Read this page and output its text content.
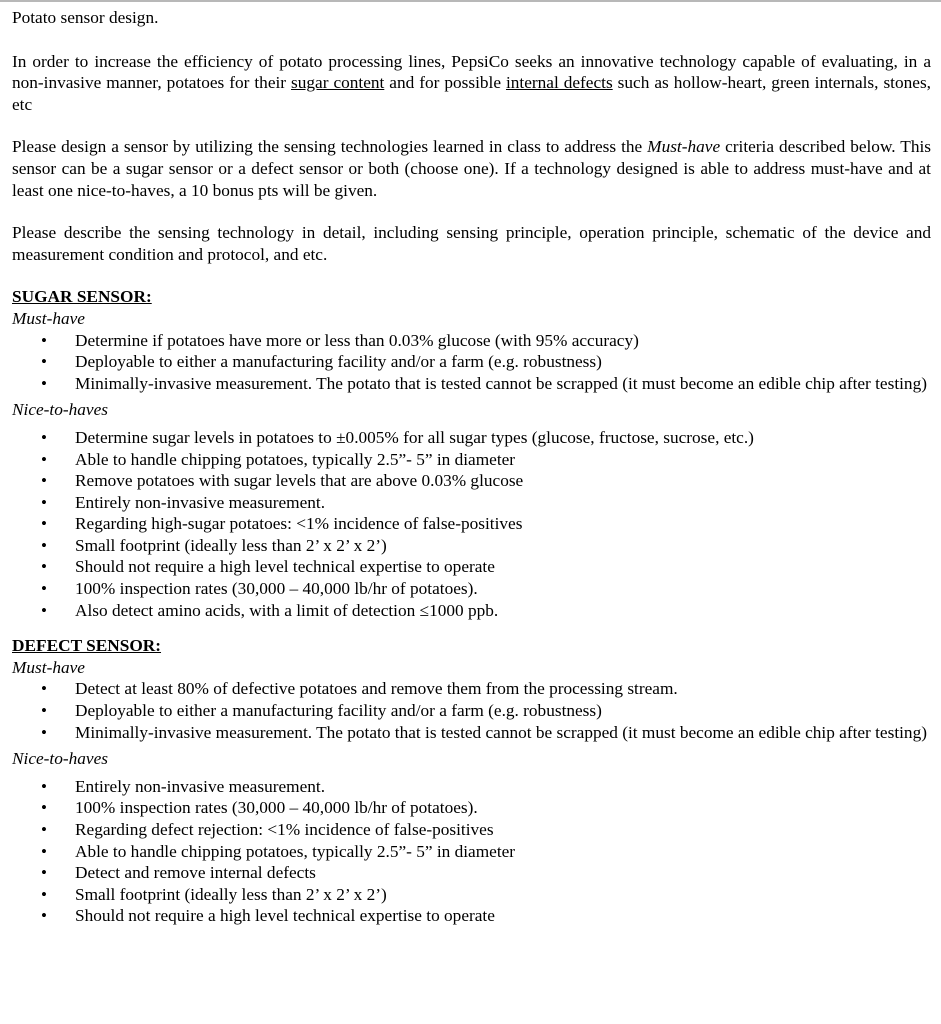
Potato sensor design.

In order to increase the efficiency of potato processing lines, PepsiCo seeks an innovative technology capable of evaluating, in a non-invasive manner, potatoes for their sugar content and for possible internal defects such as hollow-heart, green internals, stones, etc

Please design a sensor by utilizing the sensing technologies learned in class to address the Must-have criteria described below. This sensor can be a sugar sensor or a defect sensor or both (choose one). If a technology designed is able to address must-have and at least one nice-to-haves, a 10 bonus pts will be given.

Please describe the sensing technology in detail, including sensing principle, operation principle, schematic of the device and measurement condition and protocol, and etc.

SUGAR SENSOR:

Must-have

• Determine if potatoes have more or less than 0.03% glucose (with 95% accuracy)
• Deployable to either a manufacturing facility and/or a farm (e.g. robustness)
• Minimally-invasive measurement. The potato that is tested cannot be scrapped (it must become an edible chip after testing)

Nice-to-haves

• Determine sugar levels in potatoes to ±0.005% for all sugar types (glucose, fructose, sucrose, etc.)
• Able to handle chipping potatoes, typically 2.5”- 5” in diameter
• Remove potatoes with sugar levels that are above 0.03% glucose
• Entirely non-invasive measurement.
• Regarding high-sugar potatoes: <1% incidence of false-positives
• Small footprint (ideally less than 2’ x 2’ x 2’)
• Should not require a high level technical expertise to operate
• 100% inspection rates (30,000 – 40,000 lb/hr of potatoes).
• Also detect amino acids, with a limit of detection ≤1000 ppb.

DEFECT SENSOR:

Must-have

• Detect at least 80% of defective potatoes and remove them from the processing stream.
• Deployable to either a manufacturing facility and/or a farm (e.g. robustness)
• Minimally-invasive measurement. The potato that is tested cannot be scrapped (it must become an edible chip after testing)

Nice-to-haves

• Entirely non-invasive measurement.
• 100% inspection rates (30,000 – 40,000 lb/hr of potatoes).
• Regarding defect rejection: <1% incidence of false-positives
• Able to handle chipping potatoes, typically 2.5”- 5” in diameter
• Detect and remove internal defects
• Small footprint (ideally less than 2’ x 2’ x 2’)
• Should not require a high level technical expertise to operate
